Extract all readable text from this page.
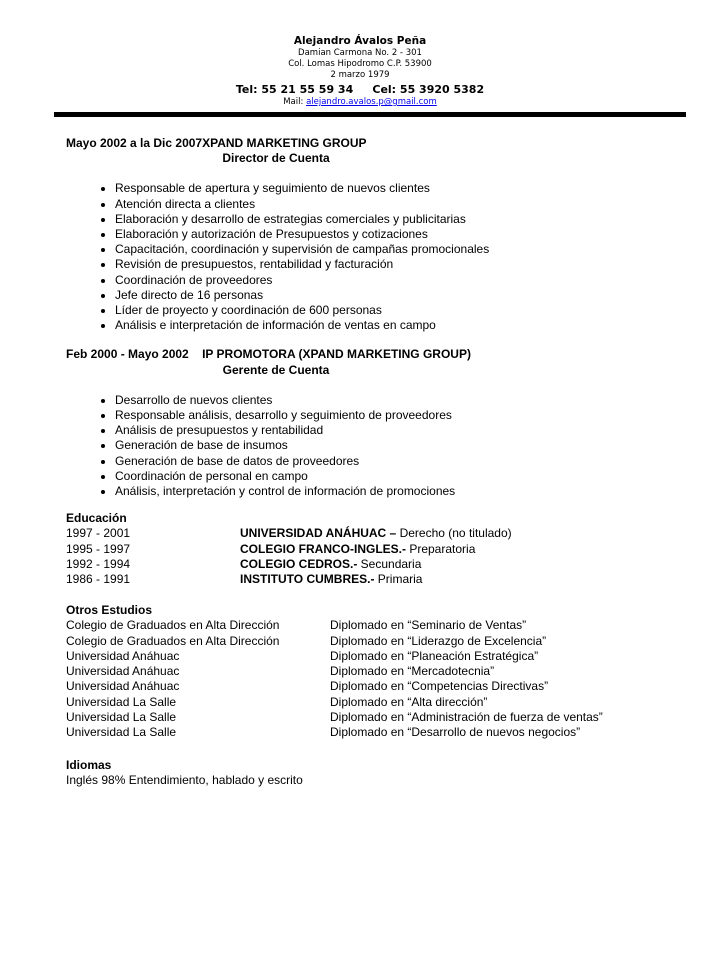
Alejandro Ávalos Peña
Damian Carmona No. 2 - 301
Col. Lomas Hipodromo C.P. 53900
2 marzo 1979
Tel: 55 21 55 59 34     Cel: 55 3920 5382
Mail: alejandro.avalos.p@gmail.com
Mayo 2002 a la Dic 2007XPAND MARKETING GROUP
Director de Cuenta
• Responsable de apertura y seguimiento de nuevos clientes
• Atención directa a clientes
• Elaboración y desarrollo de estrategias comerciales y publicitarias
• Elaboración y autorización de Presupuestos y cotizaciones
• Capacitación, coordinación y supervisión de campañas promocionales
• Revisión de presupuestos, rentabilidad y facturación
• Coordinación de proveedores
• Jefe directo de 16 personas
• Líder de proyecto y coordinación de 600 personas
• Análisis e interpretación de información de ventas en campo
Feb 2000 - Mayo 2002    IP PROMOTORA (XPAND MARKETING GROUP)
Gerente de Cuenta
• Desarrollo de nuevos clientes
• Responsable análisis, desarrollo y seguimiento de proveedores
• Análisis de presupuestos y rentabilidad
• Generación de base de insumos
• Generación de base de datos de proveedores
• Coordinación de personal en campo
• Análisis, interpretación y control de información de promociones
Educación
1997 - 2001	UNIVERSIDAD ANÁHUAC – Derecho (no titulado)
1995 - 1997	COLEGIO FRANCO-INGLES.- Preparatoria
1992 - 1994	COLEGIO CEDROS.- Secundaria
1986 - 1991	INSTITUTO CUMBRES.- Primaria
Otros Estudios
Colegio de Graduados en Alta Dirección	Diplomado en “Seminario de Ventas”
Colegio de Graduados en Alta Dirección	Diplomado en “Liderazgo de Excelencia”
Universidad Anáhuac	Diplomado en “Planeación Estratégica”
Universidad Anáhuac	Diplomado en “Mercadotecnia”
Universidad Anáhuac	Diplomado en “Competencias Directivas”
Universidad La Salle	Diplomado en “Alta dirección”
Universidad La Salle	Diplomado en “Administración de fuerza de ventas”
Universidad La Salle	Diplomado en “Desarrollo de nuevos negocios”
Idiomas
Inglés 98% Entendimiento, hablado y escrito
